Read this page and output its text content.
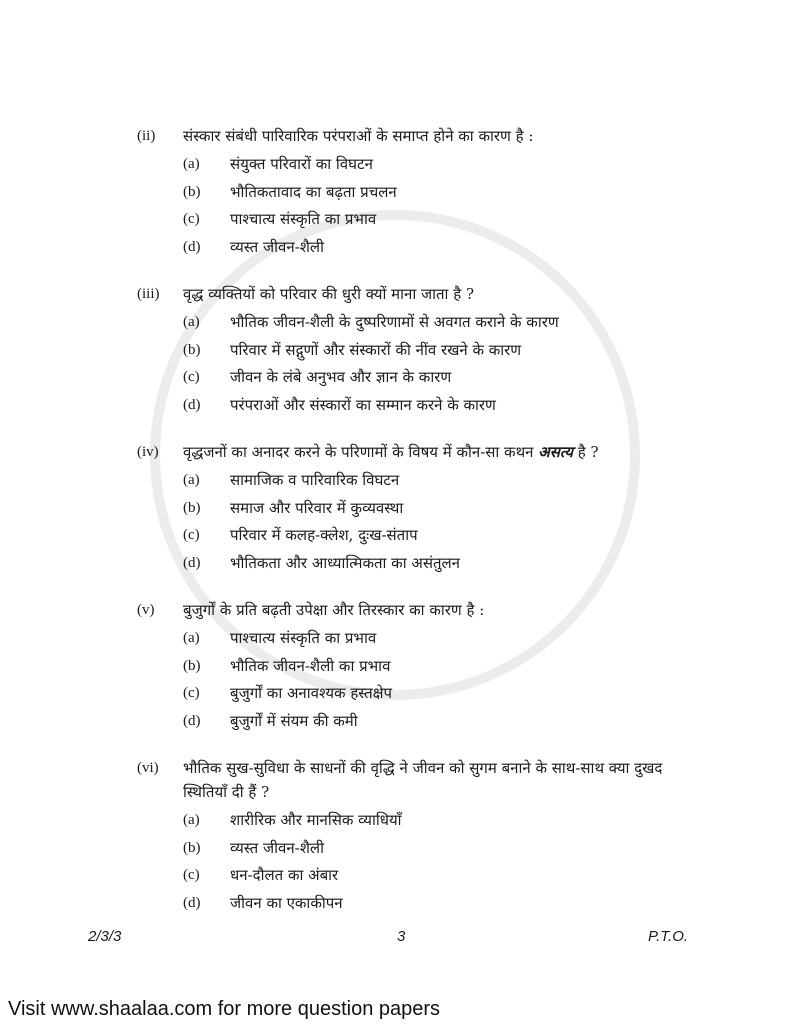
(ii)	संस्कार संबंधी पारिवारिक परंपराओं के समाप्त होने का कारण है :
(a)	संयुक्त परिवारों का विघटन
(b)	भौतिकतावाद का बढ़ता प्रचलन
(c)	पाश्चात्य संस्कृति का प्रभाव
(d)	व्यस्त जीवन-शैली
(iii)	वृद्ध व्यक्तियों को परिवार की धुरी क्यों माना जाता है ?
(a)	भौतिक जीवन-शैली के दुष्परिणामों से अवगत कराने के कारण
(b)	परिवार में सद्गुणों और संस्कारों की नींव रखने के कारण
(c)	जीवन के लंबे अनुभव और ज्ञान के कारण
(d)	परंपराओं और संस्कारों का सम्मान करने के कारण
(iv)	वृद्धजनों का अनादर करने के परिणामों के विषय में कौन-सा कथन असत्य है ?
(a)	सामाजिक व पारिवारिक विघटन
(b)	समाज और परिवार में कुव्यवस्था
(c)	परिवार में कलह-क्लेश, दुःख-संताप
(d)	भौतिकता और आध्यात्मिकता का असंतुलन
(v)	बुजुर्गों के प्रति बढ़ती उपेक्षा और तिरस्कार का कारण है :
(a)	पाश्चात्य संस्कृति का प्रभाव
(b)	भौतिक जीवन-शैली का प्रभाव
(c)	बुजुर्गों का अनावश्यक हस्तक्षेप
(d)	बुजुर्गों में संयम की कमी
(vi)	भौतिक सुख-सुविधा के साधनों की वृद्धि ने जीवन को सुगम बनाने के साथ-साथ क्या दुखद स्थितियाँ दी हैं ?
(a)	शारीरिक और मानसिक व्याधियाँ
(b)	व्यस्त जीवन-शैली
(c)	धन-दौलत का अंबार
(d)	जीवन का एकाकीपन
2/3/3	3	P.T.O.
Visit www.shaalaa.com for more question papers
